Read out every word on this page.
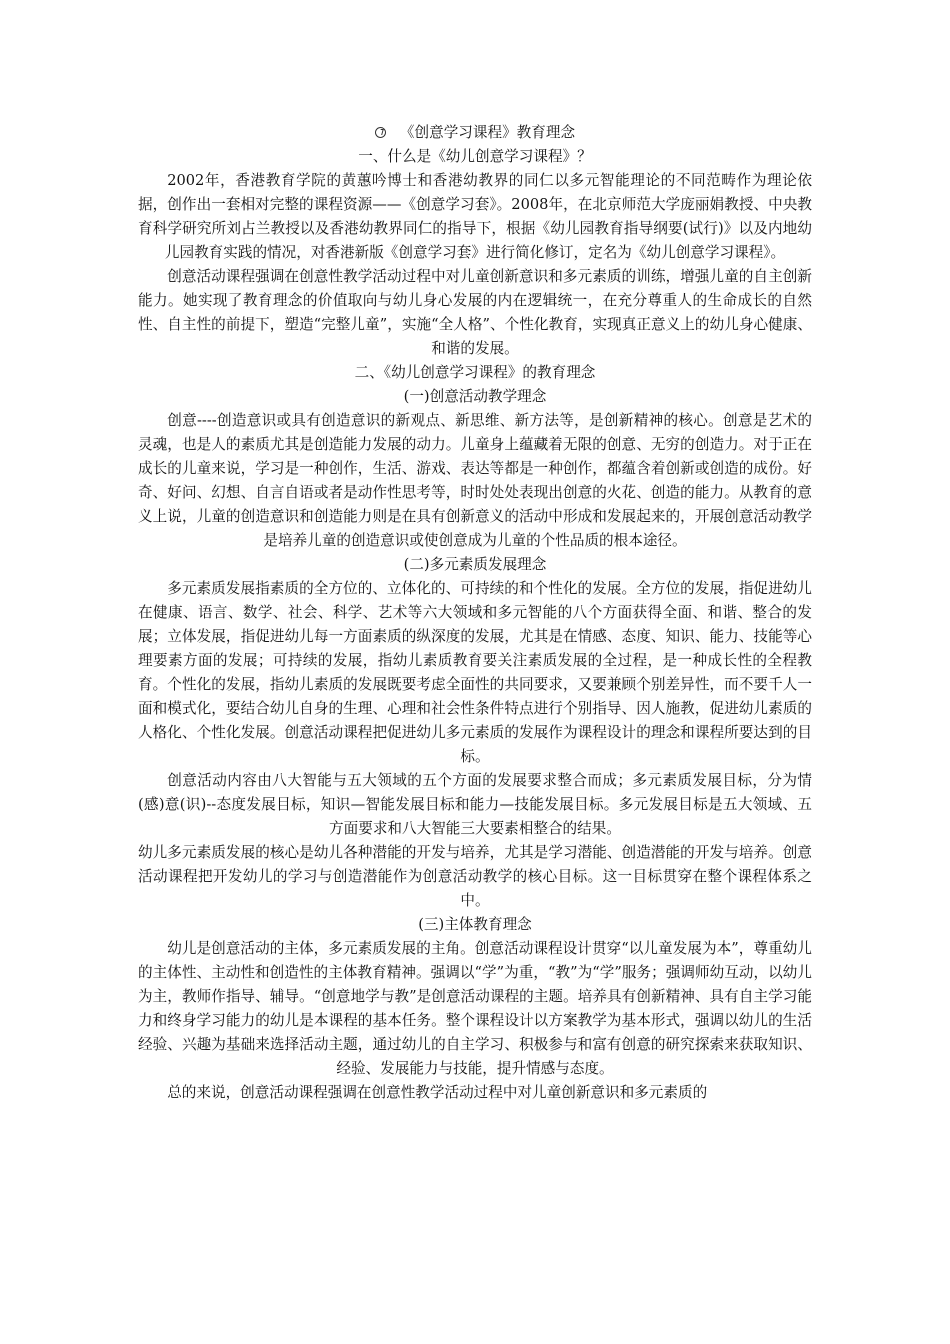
《创意学习课程》教育理念

一、什么是《幼儿创意学习课程》？

2002年，香港教育学院的黄蕙吟博士和香港幼教界的同仁以多元智能理论的不同范畴作为理论依据，创作出一套相对完整的课程资源——《创意学习套》。2008年，在北京师范大学庞丽娟教授、中央教育科学研究所刘占兰教授以及香港幼教界同仁的指导下，根据《幼儿园教育指导纲要(试行)》以及内地幼儿园教育实践的情况，对香港新版《创意学习套》进行简化修订，定名为《幼儿创意学习课程》。

创意活动课程强调在创意性教学活动过程中对儿童创新意识和多元素质的训练，增强儿童的自主创新能力。她实现了教育理念的价值取向与幼儿身心发展的内在逻辑统一，在充分尊重人的生命成长的自然性、自主性的前提下，塑造“完整儿童”，实施“全人格”、个性化教育，实现真正意义上的幼儿身心健康、和谐的发展。

二、《幼儿创意学习课程》的教育理念

(一)创意活动教学理念

创意----创造意识或具有创造意识的新观点、新思维、新方法等，是创新精神的核心。创意是艺术的灵魂，也是人的素质尤其是创造能力发展的动力。儿童身上蕴藏着无限的创意、无穷的创造力。对于正在成长的儿童来说，学习是一种创作，生活、游戏、表达等都是一种创作，都蕴含着创新或创造的成份。好奇、好问、幻想、自言自语或者是动作性思考等，时时处处表现出创意的火花、创造的能力。从教育的意义上说，儿童的创造意识和创造能力则是在具有创新意义的活动中形成和发展起来的，开展创意活动教学是培养儿童的创造意识或使创意成为儿童的个性品质的根本途径。

(二)多元素质发展理念

多元素质发展指素质的全方位的、立体化的、可持续的和个性化的发展。全方位的发展，指促进幼儿在健康、语言、数学、社会、科学、艺术等六大领域和多元智能的八个方面获得全面、和谐、整合的发展；立体发展，指促进幼儿每一方面素质的纵深度的发展，尤其是在情感、态度、知识、能力、技能等心理要素方面的发展；可持续的发展，指幼儿素质教育要关注素质发展的全过程，是一种成长性的全程教育。个性化的发展，指幼儿素质的发展既要考虑全面性的共同要求，又要兼顾个别差异性，而不要千人一面和模式化，要结合幼儿自身的生理、心理和社会性条件特点进行个别指导、因人施教，促进幼儿素质的人格化、个性化发展。创意活动课程把促进幼儿多元素质的发展作为课程设计的理念和课程所要达到的目标。

创意活动内容由八大智能与五大领域的五个方面的发展要求整合而成；多元素质发展目标，分为情(感)意(识)--态度发展目标，知识—智能发展目标和能力—技能发展目标。多元发展目标是五大领域、五方面要求和八大智能三大要素相整合的结果。

幼儿多元素质发展的核心是幼儿各种潜能的开发与培养，尤其是学习潜能、创造潜能的开发与培养。创意活动课程把开发幼儿的学习与创造潜能作为创意活动教学的核心目标。这一目标贯穿在整个课程体系之中。

(三)主体教育理念

幼儿是创意活动的主体，多元素质发展的主角。创意活动课程设计贯穿“以儿童发展为本”，尊重幼儿的主体性、主动性和创造性的主体教育精神。强调以“学”为重，“教”为“学”服务；强调师幼互动，以幼儿为主，教师作指导、辅导。“创意地学与教”是创意活动课程的主题。培养具有创新精神、具有自主学习能力和终身学习能力的幼儿是本课程的基本任务。整个课程设计以方案教学为基本形式，强调以幼儿的生活经验、兴趣为基础来选择活动主题，通过幼儿的自主学习、积极参与和富有创意的研究探索来获取知识、经验、发展能力与技能，提升情感与态度。

总的来说，创意活动课程强调在创意性教学活动过程中对儿童创新意识和多元素质的
